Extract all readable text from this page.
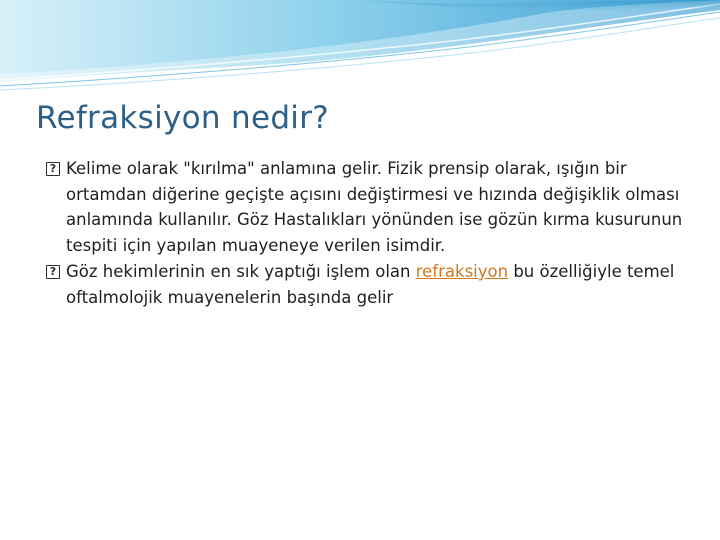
Refraksiyon nedir?
? Kelime olarak "kırılma" anlamına gelir. Fizik prensip olarak, ışığın bir ortamdan diğerine geçişte açısını değiştirmesi ve hızında değişiklik olması anlamında kullanılır. Göz Hastalıkları yönünden ise gözün kırma kusurunun tespiti için yapılan muayeneye verilen isimdir.
? Göz hekimlerinin en sık yaptığı işlem olan refraksiyon bu özelliğiyle temel oftalmolojik muayenelerin başında gelir
